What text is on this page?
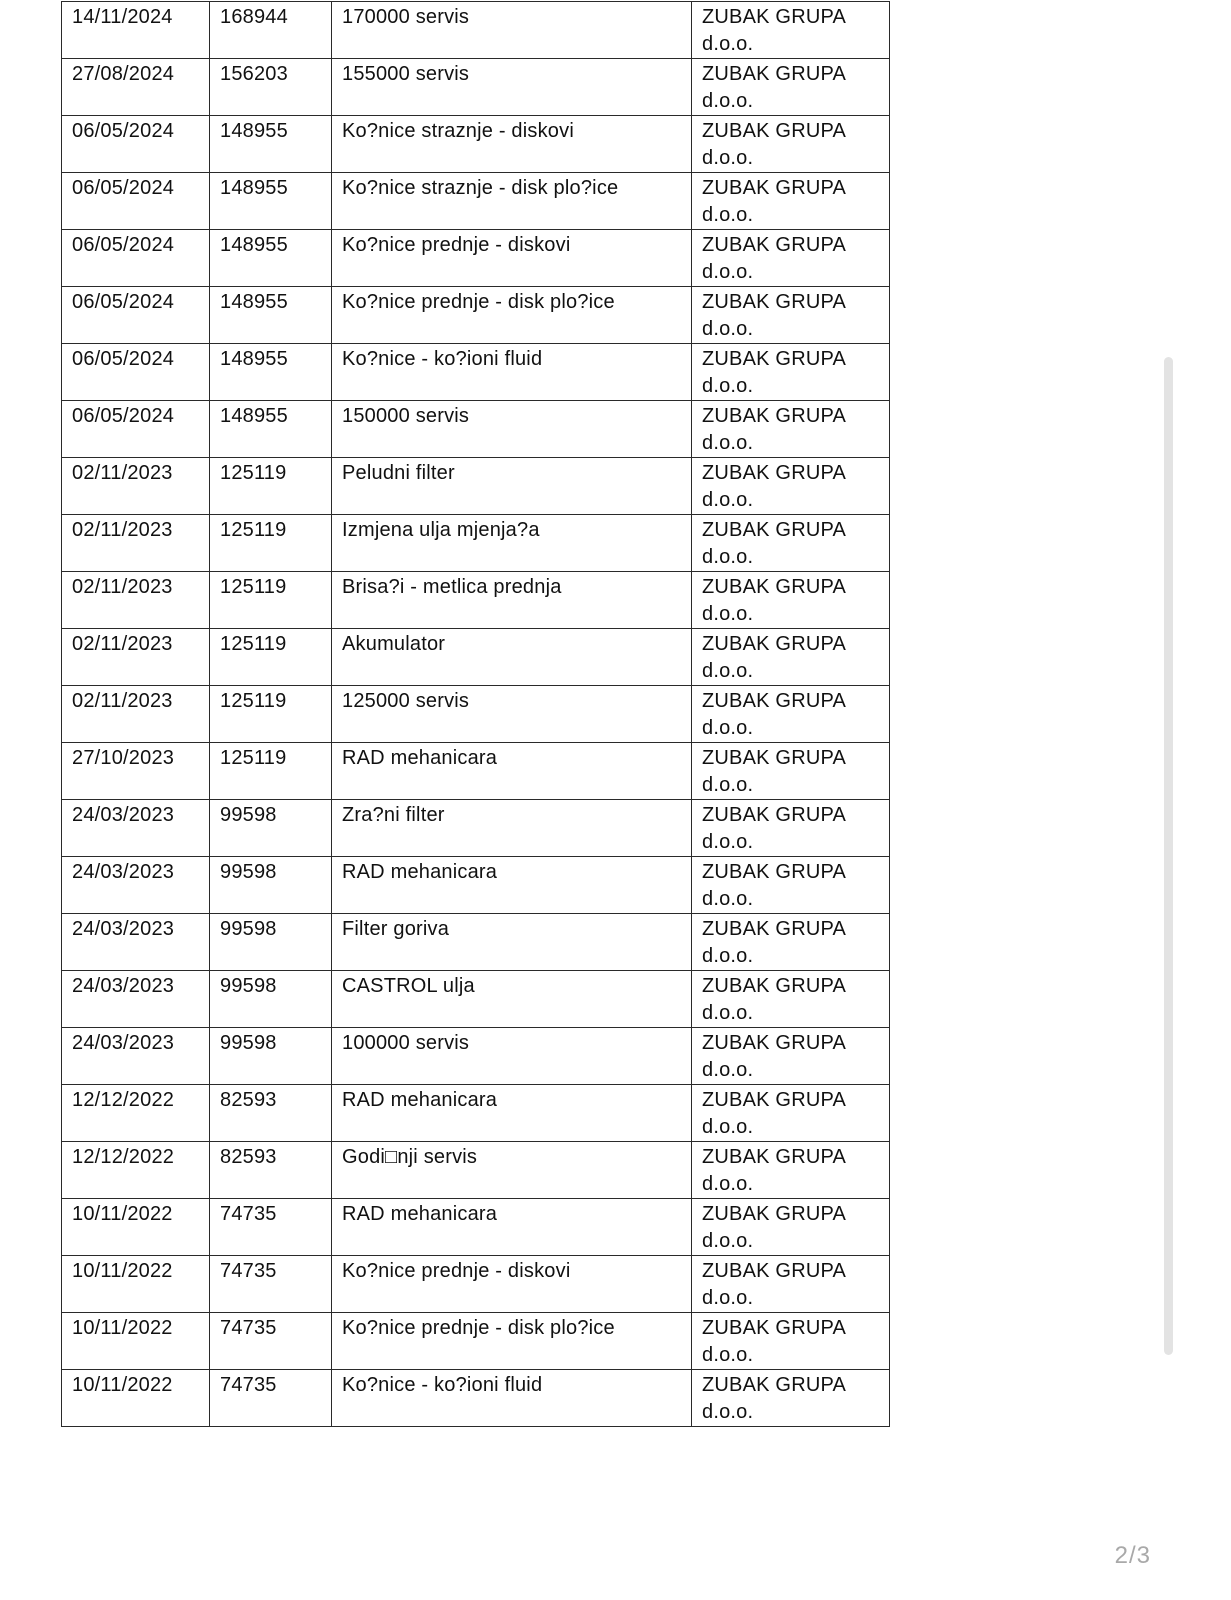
14/11/2024	168944	170000 servis	ZUBAK GRUPA
d.o.o.

27/08/2024	156203	155000 servis	ZUBAK GRUPA
d.o.o.

06/05/2024	148955	Ko?nice straznje - diskovi	ZUBAK GRUPA
d.o.o.

06/05/2024	148955	Ko?nice straznje - disk plo?ice	ZUBAK GRUPA
d.o.o.

06/05/2024	148955	Ko?nice prednje - diskovi	ZUBAK GRUPA
d.o.o.

06/05/2024	148955	Ko?nice prednje - disk plo?ice	ZUBAK GRUPA
d.o.o.

06/05/2024	148955	Ko?nice - ko?ioni fluid	ZUBAK GRUPA
d.o.o.

06/05/2024	148955	150000 servis	ZUBAK GRUPA
d.o.o.

02/11/2023	125119	Peludni filter	ZUBAK GRUPA
d.o.o.

02/11/2023	125119	Izmjena ulja mjenja?a	ZUBAK GRUPA
d.o.o.

02/11/2023	125119	Brisa?i - metlica prednja	ZUBAK GRUPA
d.o.o.

02/11/2023	125119	Akumulator	ZUBAK GRUPA
d.o.o.

02/11/2023	125119	125000 servis	ZUBAK GRUPA
d.o.o.

27/10/2023	125119	RAD mehanicara	ZUBAK GRUPA
d.o.o.

24/03/2023	99598	Zra?ni filter	ZUBAK GRUPA
d.o.o.

24/03/2023	99598	RAD mehanicara	ZUBAK GRUPA
d.o.o.

24/03/2023	99598	Filter goriva	ZUBAK GRUPA
d.o.o.

24/03/2023	99598	CASTROL ulja	ZUBAK GRUPA
d.o.o.

24/03/2023	99598	100000 servis	ZUBAK GRUPA
d.o.o.

12/12/2022	82593	RAD mehanicara	ZUBAK GRUPA
d.o.o.

12/12/2022	82593	Godi□nji servis	ZUBAK GRUPA
d.o.o.

10/11/2022	74735	RAD mehanicara	ZUBAK GRUPA
d.o.o.

10/11/2022	74735	Ko?nice prednje - diskovi	ZUBAK GRUPA
d.o.o.

10/11/2022	74735	Ko?nice prednje - disk plo?ice	ZUBAK GRUPA
d.o.o.

10/11/2022	74735	Ko?nice - ko?ioni fluid	ZUBAK GRUPA
d.o.o.
2/3
